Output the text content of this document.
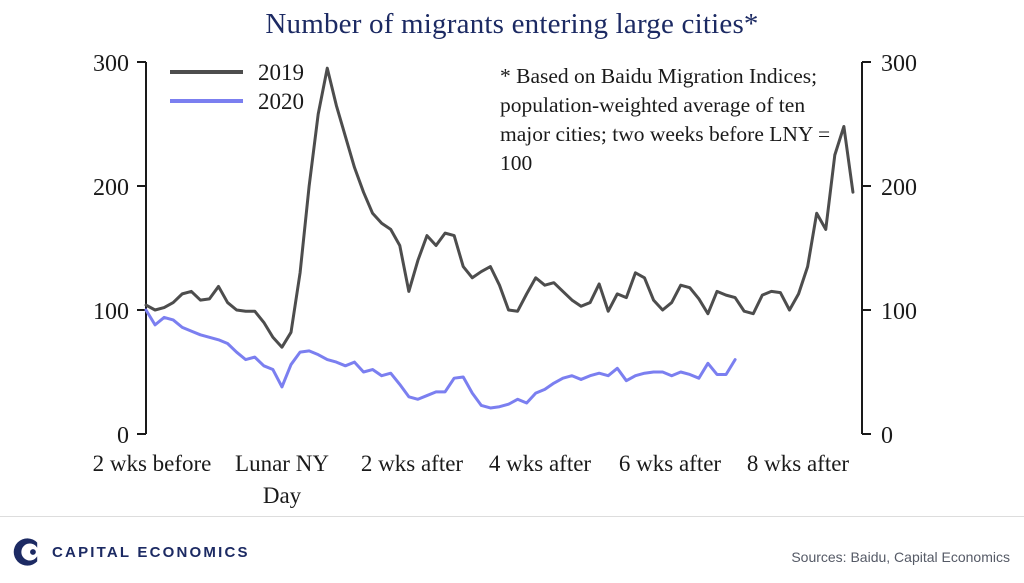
Number of migrants entering large cities*
* Based on Baidu Migration Indices; population-weighted average of ten major cities; two weeks before LNY = 100
300
200
100
0
300
200
100
0
2019
2020
2 wks before	Lunar NY Day
2 wks after	4 wks after	6 wks after	8 wks after
CAPITAL ECONOMICS	Sources: Baidu, Capital Economics
